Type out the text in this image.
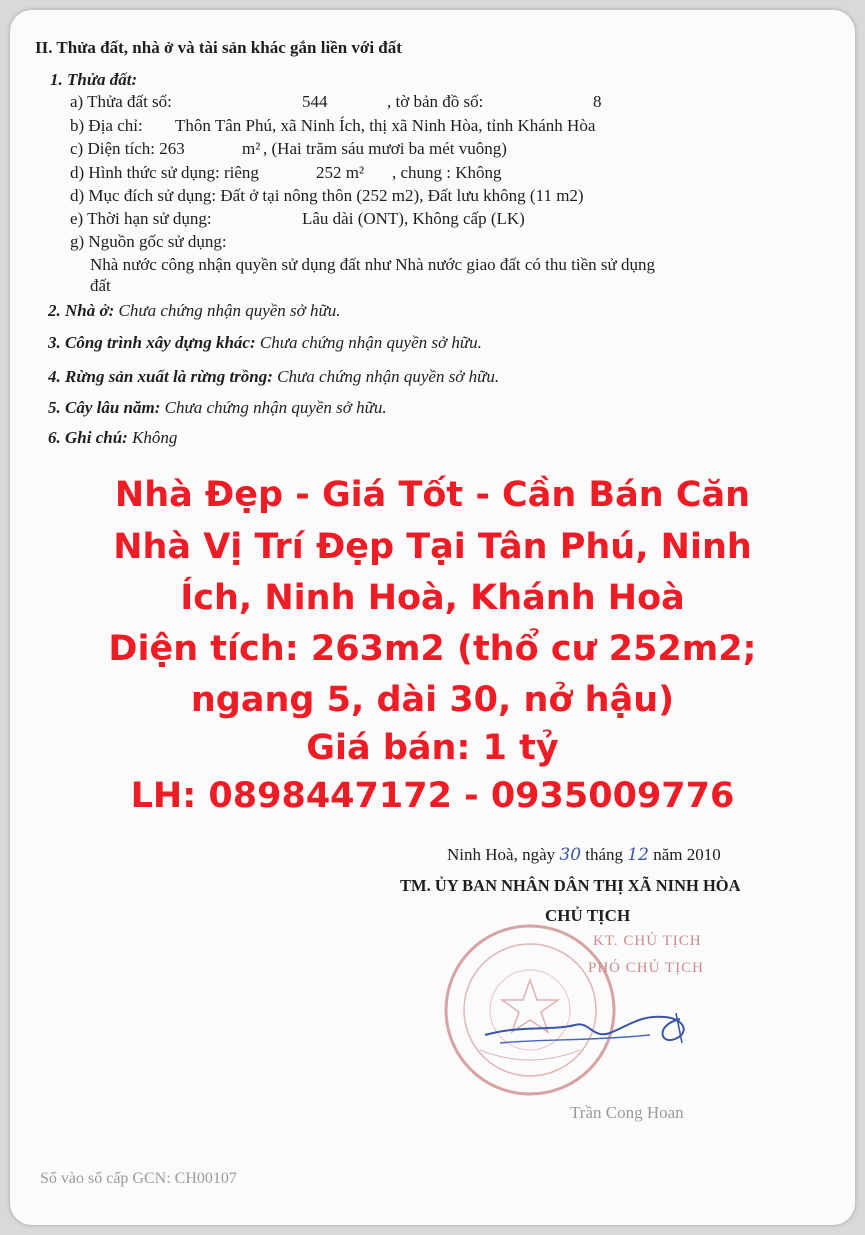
II. Thửa đất, nhà ở và tài sản khác gắn liền với đất
1. Thửa đất:
a) Thửa đất số:	544	, tờ bản đồ số:	8
b) Địa chỉ: Thôn Tân Phú, xã Ninh Ích, thị xã Ninh Hòa, tỉnh Khánh Hòa
c) Diện tích: 263	m² , (Hai trăm sáu mươi ba mét vuông)
d) Hình thức sử dụng: riêng	252 m² , chung : Không
d) Mục đích sử dụng: Đất ở tại nông thôn (252 m2), Đất lưu không (11 m2)
e) Thời hạn sử dụng:	Lâu dài (ONT), Không cấp (LK)
g) Nguồn gốc sử dụng:
Nhà nước công nhận quyền sử dụng đất như Nhà nước giao đất có thu tiền sử dụng
đất
2. Nhà ở: Chưa chứng nhận quyền sở hữu.
3. Công trình xây dựng khác: Chưa chứng nhận quyền sở hữu.
4. Rừng sản xuất là rừng trồng: Chưa chứng nhận quyền sở hữu.
5. Cây lâu năm: Chưa chứng nhận quyền sở hữu.
6. Ghi chú: Không
Nhà Đẹp - Giá Tốt - Cần Bán Căn
Nhà Vị Trí Đẹp Tại Tân Phú, Ninh
Ích, Ninh Hoà, Khánh Hoà
Diện tích: 263m2 (thổ cư 252m2;
ngang 5, dài 30, nở hậu)
Giá bán: 1 tỷ
LH: 0898447172 - 0935009776
Ninh Hoà, ngày 30 tháng 12 năm 2010
TM. ỦY BAN NHÂN DÂN THỊ XÃ NINH HÒA
CHỦ TỊCH
KT. CHỦ TỊCH
PHÓ CHỦ TỊCH
Trần Cong Hoan
Sổ vào sổ cấp GCN: CH00107
